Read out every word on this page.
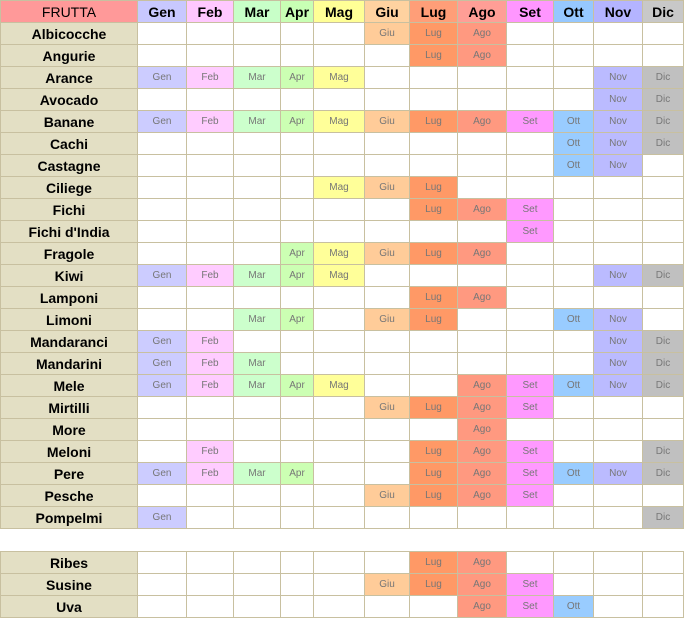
FRUTTA	Gen	Feb	Mar	Apr	Mag	Giu	Lug	Ago	Set	Ott	Nov	Dic
Albicocche						Giu	Lug	Ago				
Angurie							Lug	Ago				
Arance	Gen	Feb	Mar	Apr	Mag						Nov	Dic
Avocado											Nov	Dic
Banane	Gen	Feb	Mar	Apr	Mag	Giu	Lug	Ago	Set	Ott	Nov	Dic
Cachi										Ott	Nov	Dic
Castagne										Ott	Nov	
Ciliege					Mag	Giu	Lug					
Fichi							Lug	Ago	Set			
Fichi d'India									Set			
Fragole				Apr	Mag	Giu	Lug	Ago				
Kiwi	Gen	Feb	Mar	Apr	Mag						Nov	Dic
Lamponi							Lug	Ago				
Limoni			Mar	Apr		Giu	Lug			Ott	Nov	
Mandaranci	Gen	Feb									Nov	Dic
Mandarini	Gen	Feb	Mar								Nov	Dic
Mele	Gen	Feb	Mar	Apr	Mag			Ago	Set	Ott	Nov	Dic
Mirtilli						Giu	Lug	Ago	Set			
More								Ago				
Meloni		Feb					Lug	Ago	Set			Dic
Pere	Gen	Feb	Mar	Apr			Lug	Ago	Set	Ott	Nov	Dic
Pesche						Giu	Lug	Ago	Set			
Pompelmi	Gen											Dic

Ribes							Lug	Ago				
Susine						Giu	Lug	Ago	Set			
Uva								Ago	Set	Ott		
